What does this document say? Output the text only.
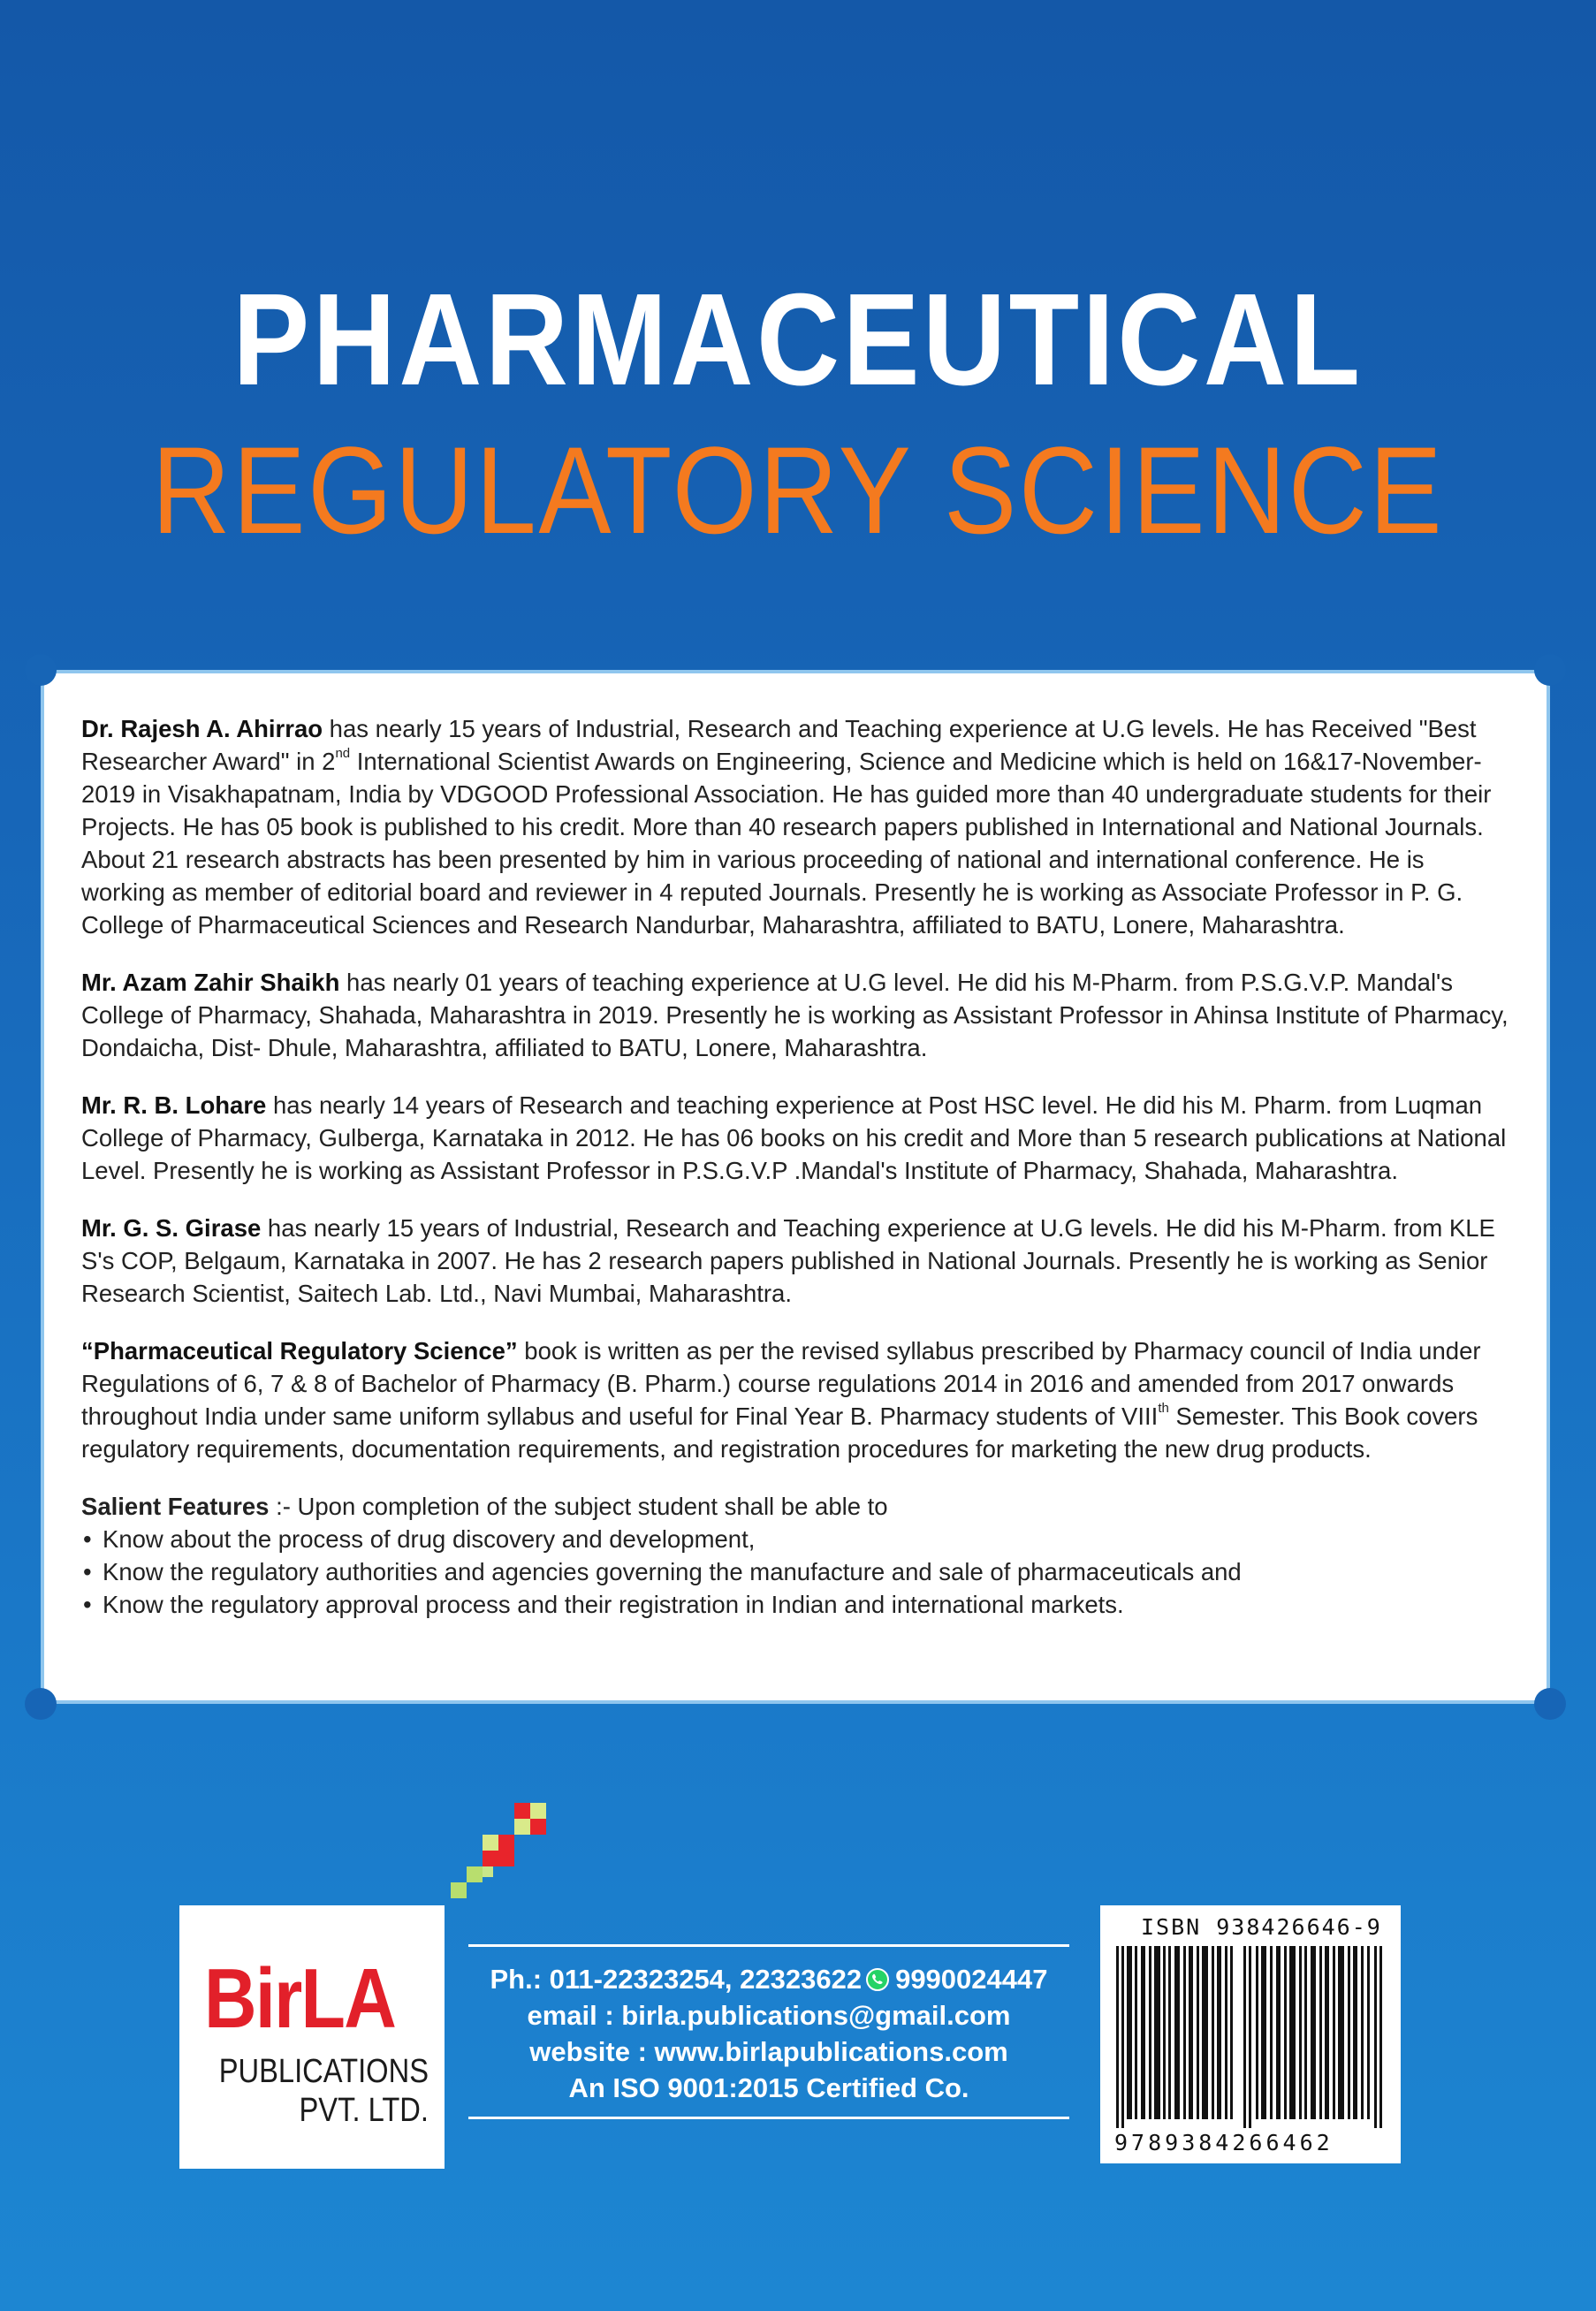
PHARMACEUTICAL
REGULATORY SCIENCE

Dr. Rajesh A. Ahirrao has nearly 15 years of Industrial, Research and Teaching experience at U.G levels. He has Received "Best Researcher Award" in 2nd International Scientist Awards on Engineering, Science and Medicine which is held on 16&17-November-2019 in Visakhapatnam, India by VDGOOD Professional Association. He has guided more than 40 undergraduate students for their Projects. He has 05 book is published to his credit. More than 40 research papers published in International and National Journals. About 21 research abstracts has been presented by him in various proceeding of national and international conference. He is working as member of editorial board and reviewer in 4 reputed Journals. Presently he is working as Associate Professor in P. G. College of Pharmaceutical Sciences and Research Nandurbar, Maharashtra, affiliated to BATU, Lonere, Maharashtra.

Mr. Azam Zahir Shaikh has nearly 01 years of teaching experience at U.G level. He did his M-Pharm. from P.S.G.V.P. Mandal's College of Pharmacy, Shahada, Maharashtra in 2019. Presently he is working as Assistant Professor in Ahinsa Institute of Pharmacy, Dondaicha, Dist- Dhule, Maharashtra, affiliated to BATU, Lonere, Maharashtra.

Mr. R. B. Lohare has nearly 14 years of Research and teaching experience at Post HSC level. He did his M. Pharm. from Luqman College of Pharmacy, Gulberga, Karnataka in 2012. He has 06 books on his credit and More than 5 research publications at National Level. Presently he is working as Assistant Professor in P.S.G.V.P .Mandal's Institute of Pharmacy, Shahada, Maharashtra.

Mr. G. S. Girase has nearly 15 years of Industrial, Research and Teaching experience at U.G levels. He did his M-Pharm. from KLE S's COP, Belgaum, Karnataka in 2007. He has 2 research papers published in National Journals. Presently he is working as Senior Research Scientist, Saitech Lab. Ltd., Navi Mumbai, Maharashtra.

“Pharmaceutical Regulatory Science” book is written as per the revised syllabus prescribed by Pharmacy council of India under Regulations of 6, 7 & 8 of Bachelor of Pharmacy (B. Pharm.) course regulations 2014 in 2016 and amended from 2017 onwards throughout India under same uniform syllabus and useful for Final Year B. Pharmacy students of VIIIth Semester. This Book covers regulatory requirements, documentation requirements, and registration procedures for marketing the new drug products.

Salient Features :- Upon completion of the subject student shall be able to

• Know about the process of drug discovery and development,
• Know the regulatory authorities and agencies governing the manufacture and sale of pharmaceuticals and
• Know the regulatory approval process and their registration in Indian and international markets.
BirLA
PUBLICATIONS
PVT. LTD.
Ph.: 011-22323254, 22323622 9990024447
email : birla.publications@gmail.com
website : www.birlapublications.com
An ISO 9001:2015 Certified Co.
ISBN 938426646-9
9789384266462
